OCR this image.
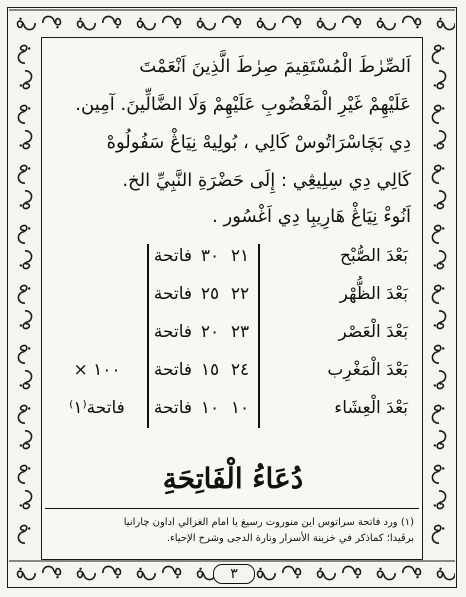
اَلصِّرٰطَ الْمُسْتَقِيمَ صِرٰطَ الَّذِينَ اَنْعَمْتَ
عَلَيْهِمْ غَيْرِ الْمَغْضُوبِ عَلَيْهِمْ وَلَا الضَّالِّينَ. آمِين.
دِي بَچَاسْرَاتُوسْ كَالِي ، بُولِيهْ نِيَاڠْ سَفُولُوهْ
كَالِي دِي سِلِيڠِي : إِلَى حَضْرَةِ النَّبِيِّ الخ.
اَنُوءْ نِيَاڠْ هَارِيبِا دِي اَغْسُور .
بَعْدَ الصُّبْح
٢١
٣٠
فاتحة
بَعْدَ الظُّهْر
٢٢
٢٥
فاتحة
بَعْدَ الْعَصْر
٢٣
٢٠
فاتحة
بَعْدَ الْمَغْرِب
٢٤
١٥
فاتحة
١٠٠ ×
بَعْدَ الْعِشَاء
١٠
١٠
فاتحة
فاتحة⁽١⁾
دُعَاءُ الْفَاتِحَةِ
(١) ورد فاتحة سراتوس اين منوروت رسيغ يا امام الغزالي اداون چارانيا
برڤيدا؛ كماذكر في خزينة الأسرار ونارة الدجى وشرح الإحياء.
٣
